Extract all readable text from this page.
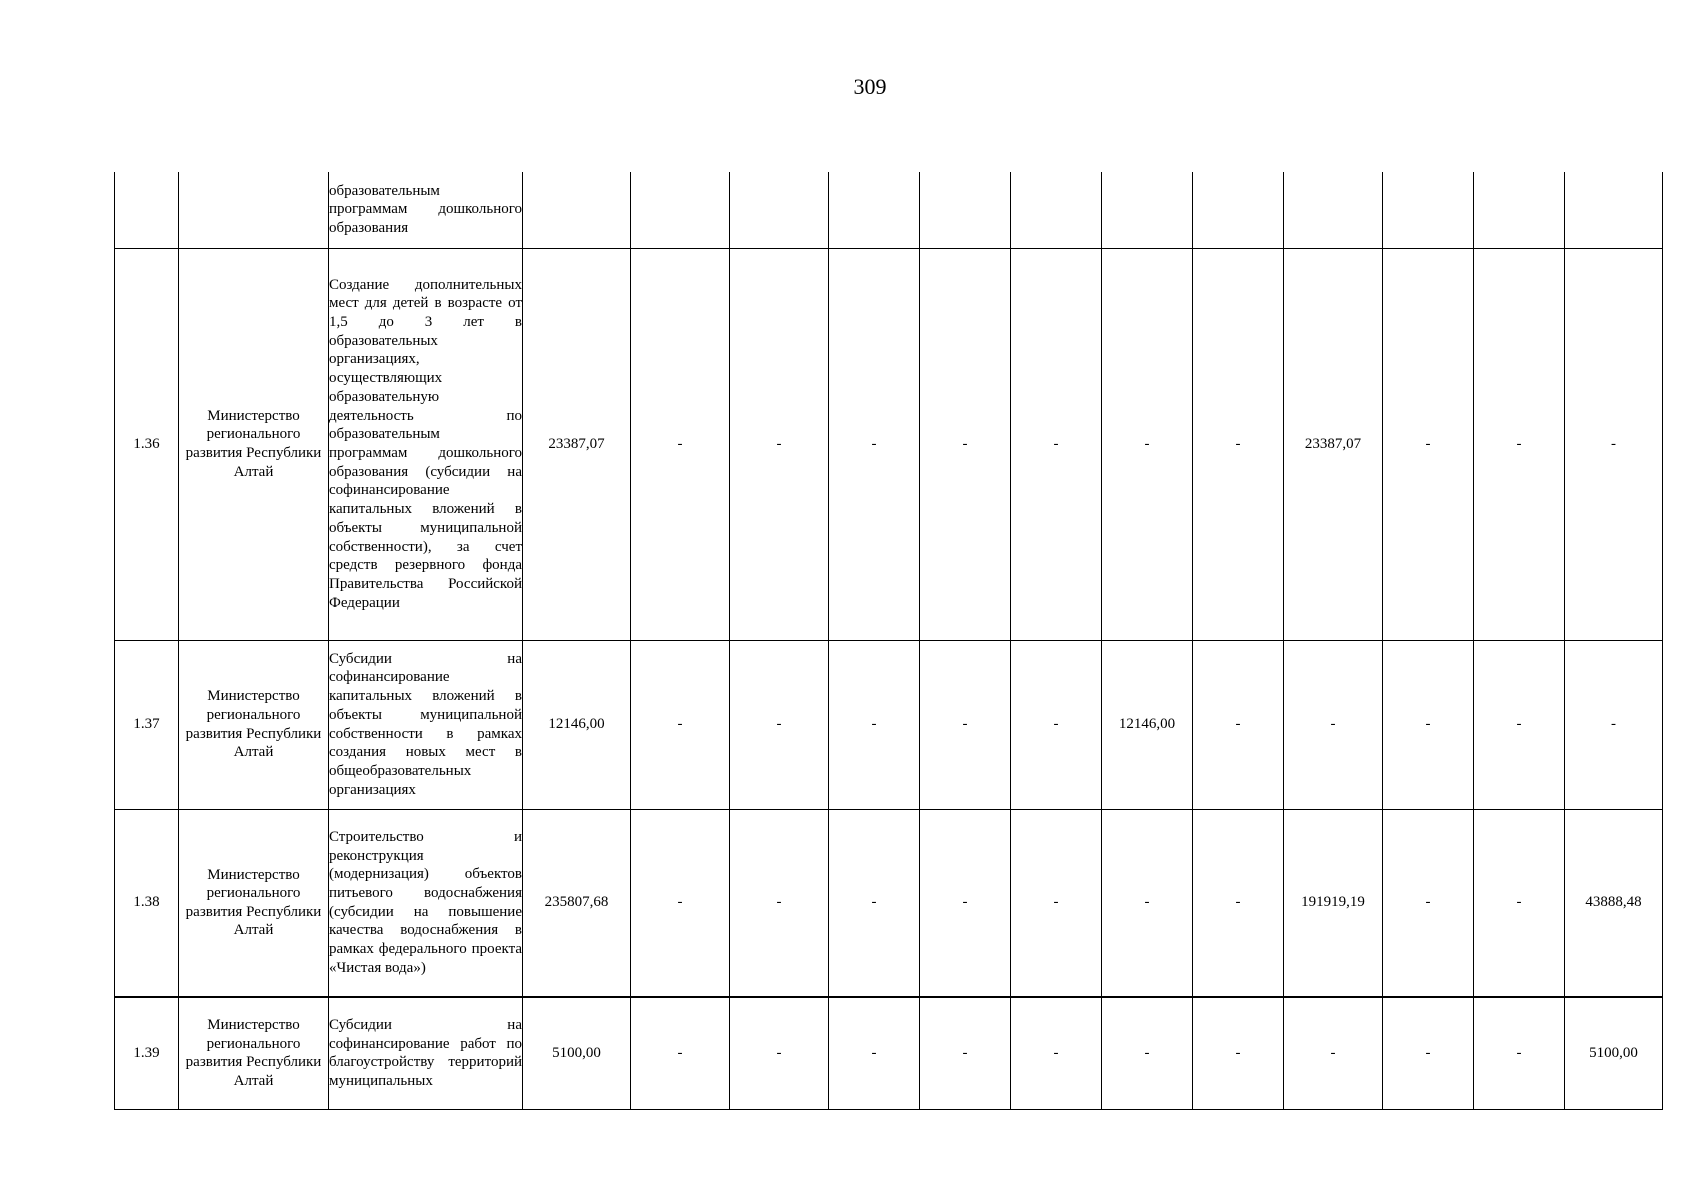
309

		образовательным программам дошкольного образования												

1.36	Министерство регионального развития Республики Алтай	Создание дополнительных мест для детей в возрасте от 1,5 до 3 лет в образовательных организациях, осуществляющих образовательную деятельность по образовательным программам дошкольного образования (субсидии на софинансирование капитальных вложений в объекты муниципальной собственности), за счет средств резервного фонда Правительства Российской Федерации	23387,07	-	-	-	-	-	-	-	23387,07	-	-	-
1.37	Министерство регионального развития Республики Алтай	Субсидии на софинансирование капитальных вложений в объекты муниципальной собственности в рамках создания новых мест в общеобразовательных организациях	12146,00	-	-	-	-	-	12146,00	-	-	-	-	-
1.38	Министерство регионального развития Республики Алтай	Строительство и реконструкция (модернизация) объектов питьевого водоснабжения (субсидии на повышение качества водоснабжения в рамках федерального проекта «Чистая вода»)	235807,68	-	-	-	-	-	-	-	191919,19	-	-	43888,48
1.39	Министерство регионального развития Республики Алтай	Субсидии на софинансирование работ по благоустройству территорий муниципальных	5100,00	-	-	-	-	-	-	-	-	-	-	5100,00
